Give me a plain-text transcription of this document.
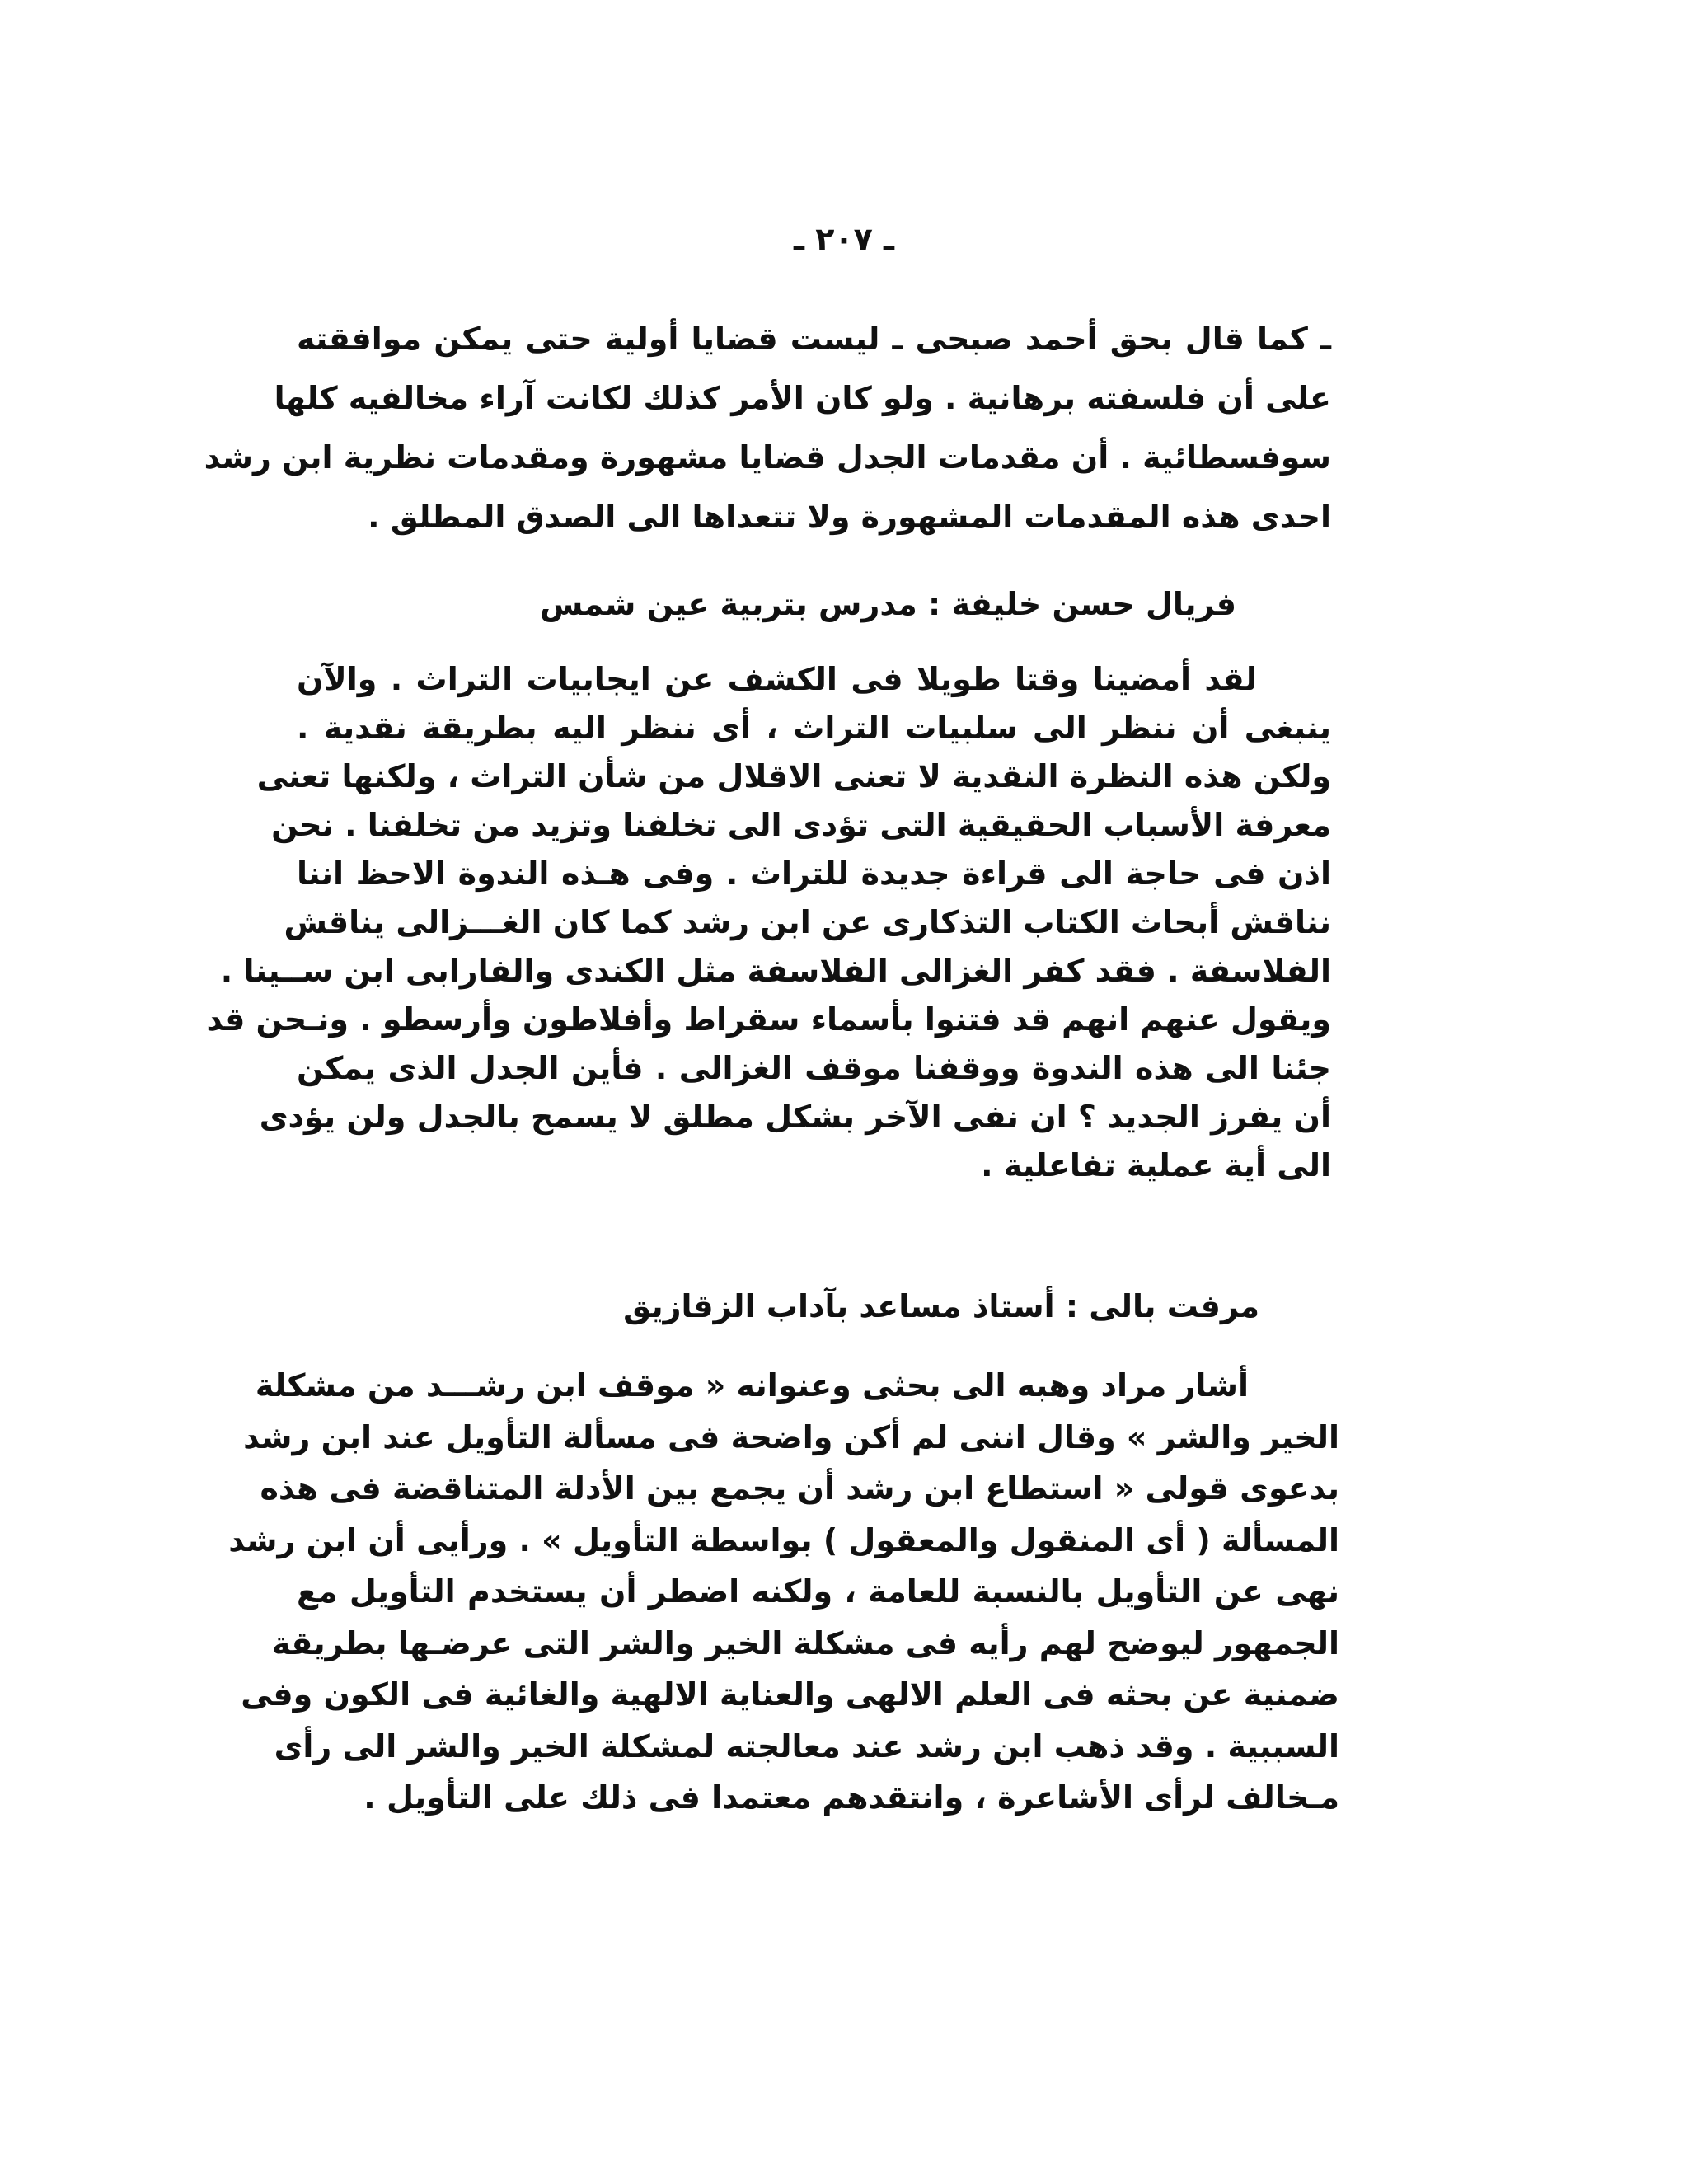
ـ ٢٠٧ ـ
ـ كما قال بحق أحمد صبحى ـ ليست قضايا أولية حتى يمكن موافقته
على أن فلسفته برهانية . ولو كان الأمر كذلك لكانت آراء مخالفيه كلها
سوفسطائية . أن مقدمات الجدل قضايا مشهورة ومقدمات نظرية ابن رشد
احدى هذه المقدمات المشهورة ولا تتعداها الى الصدق المطلق .
فريال حسن خليفة : مدرس بتربية عين شمس
لقد أمضينا وقتا طويلا فى الكشف عن ايجابيات التراث . والآن
ينبغى أن ننظر الى سلبيات التراث ، أى ننظر اليه بطريقة نقدية .
ولكن هذه النظرة النقدية لا تعنى الاقلال من شأن التراث ، ولكنها تعنى
معرفة الأسباب الحقيقية التى تؤدى الى تخلفنا وتزيد من تخلفنا . نحن
اذن فى حاجة الى قراءة جديدة للتراث . وفى هـذه الندوة الاحظ اننا
نناقش أبحاث الكتاب التذكارى عن ابن رشد كما كان الغـــزالى يناقش
الفلاسفة . فقد كفر الغزالى الفلاسفة مثل الكندى والفارابى ابن ســينا .
ويقول عنهم انهم قد فتنوا بأسماء سقراط وأفلاطون وأرسطو . ونـحن قد
جئنا الى هذه الندوة ووقفنا موقف الغزالى . فأين الجدل الذى يمكن
أن يفرز الجديد ؟ ان نفى الآخر بشكل مطلق لا يسمح بالجدل ولن يؤدى
الى أية عملية تفاعلية .
مرفت بالى : أستاذ مساعد بآداب الزقازيق
أشار مراد وهبه الى بحثى وعنوانه « موقف ابن رشـــد من مشكلة
الخير والشر » وقال اننى لم أكن واضحة فى مسألة التأويل عند ابن رشد
بدعوى قولى « استطاع ابن رشد أن يجمع بين الأدلة المتناقضة فى هذه
المسألة ( أى المنقول والمعقول ) بواسطة التأويل » . ورأيى أن ابن رشد
نهى عن التأويل بالنسبة للعامة ، ولكنه اضطر أن يستخدم التأويل مع
الجمهور ليوضح لهم رأيه فى مشكلة الخير والشر التى عرضـها بطريقة
ضمنية عن بحثه فى العلم الالهى والعناية الالهية والغائية فى الكون وفى
السببية . وقد ذهب ابن رشد عند معالجته لمشكلة الخير والشر الى رأى
مـخالف لرأى الأشاعرة ، وانتقدهم معتمدا فى ذلك على التأويل .
